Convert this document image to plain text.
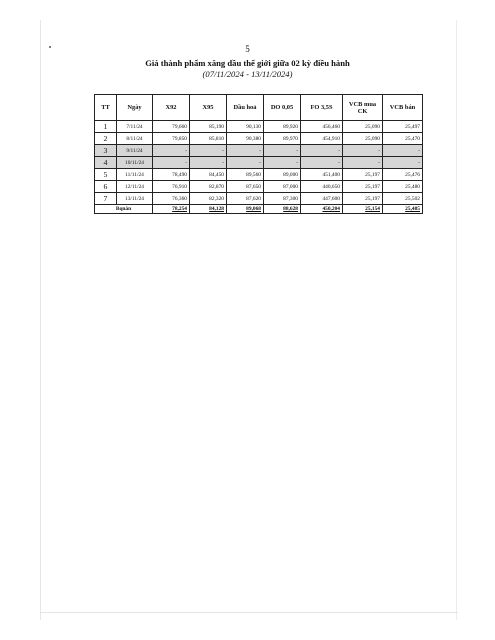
5
Giá thành phẩm xăng dầu thế giới giữa 02 kỳ điều hành
(07/11/2024 - 13/11/2024)
TT	Ngày	X92	X95	Dầu hoả	DO 0,05	FO 3,5S	VCB mua CK	VCB bán
1	7/11/24	79,660	85,190	90,130	89,920	456,460	25,090	25,497
2	8/11/24	79,850	85,810	90,380	89,970	454,910	25,090	25,470
3	9/11/24	-	-	-	-	-	-	-
4	10/11/24	-	-	-	-	-	-	-
5	11/11/24	78,490	84,450	89,560	89,000	451,400	25,197	25,476
6	12/11/24	76,910	82,870	87,650	87,000	440,650	25,197	25,480
7	13/11/24	76,360	82,320	87,620	87,300	447,600	25,197	25,502
Bqnân		78,254	84,128	89,068	88,628	450,204	25,154	25,485
